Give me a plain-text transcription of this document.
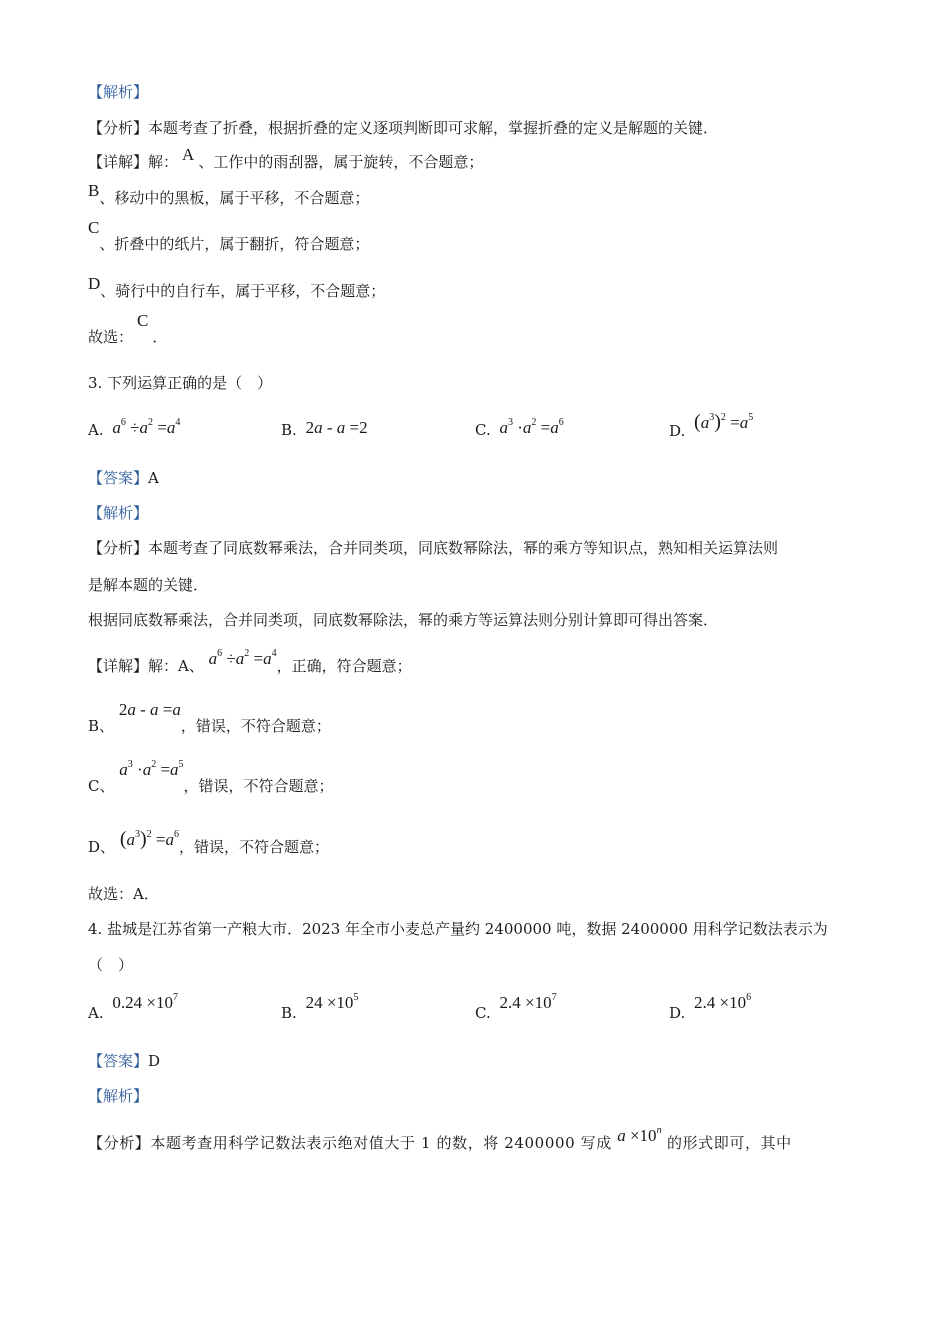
【解析】
【分析】本题考查了折叠，根据折叠的定义逐项判断即可求解，掌握折叠的定义是解题的关键．
【详解】解： A 、工作中的雨刮器，属于旋转，不合题意；
B、移动中的黑板，属于平移，不合题意；
C、折叠中的纸片，属于翻折，符合题意；
D、骑行中的自行车，属于平移，不合题意；
故选：C．
3. 下列运算正确的是（　）
A. $a^6 \div a^2 =a^4$	B. 2a - a =2	C. $a^3 \cdot a^2 =a^6$	D. $(a^3)^2 =a^5$
【答案】A
【解析】
【分析】本题考查了同底数幂乘法，合并同类项，同底数幂除法，幂的乘方等知识点，熟知相关运算法则
是解本题的关键．
根据同底数幂乘法，合并同类项，同底数幂除法，幂的乘方等运算法则分别计算即可得出答案．
【详解】解：A、 $a^6 \div a^2 =a^4$，正确，符合题意；
B、 2a - a =a，错误，不符合题意；
C、 $a^3 \cdot a^2 =a^5$，错误，不符合题意；
D、 $(a^3)^2 =a^6$，错误，不符合题意；
故选：A．
4. 盐城是江苏省第一产粮大市．2023 年全市小麦总产量约 2400000 吨，数据 2400000 用科学记数法表示为
（　）
A. $0.24 \times 10^7$
B. $24 \times 10^5$
C. $2.4 \times 10^7$
D. $2.4 \times 10^6$
【答案】D
【解析】
【分析】本题考查用科学记数法表示绝对值大于 1 的数，将 2400000 写成 $a \times 10^n$ 的形式即可，其中
